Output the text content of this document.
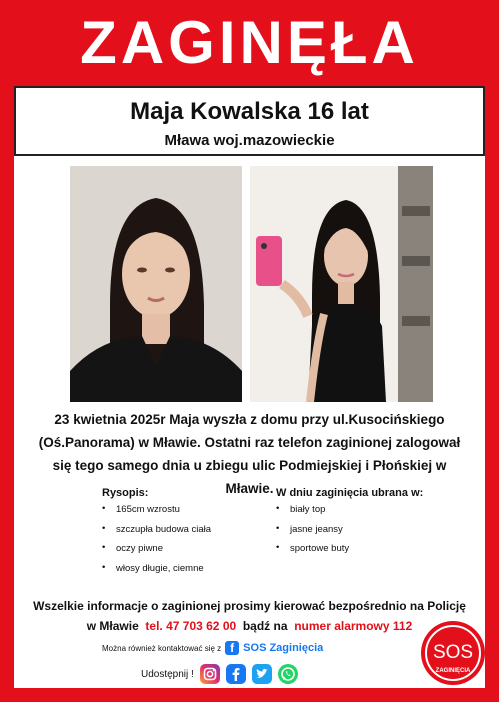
ZAGINĘŁA
Maja Kowalska 16 lat
Mława woj.mazowieckie
23 kwietnia 2025r Maja wyszła z domu przy ul.Kusocińskiego
(Oś.Panorama) w Mławie. Ostatni raz telefon zaginionej zalogował
się tego samego dnia u zbiegu ulic Podmiejskiej i Płońskiej w Mławie.
Rysopis:
• 165cm wzrostu
• szczupła budowa ciała
• oczy piwne
• włosy długie, ciemne
W dniu zaginięcia ubrana w:
• biały top
• jasne jeansy
• sportowe buty
Wszelkie informacje o zaginionej prosimy kierować bezpośrednio na Policję
w Mławie tel. 47 703 62 00 bądź na numer alarmowy 112
Można również kontaktować się z f SOS Zaginięcia
Udostępnij !
SOS
ZAGINIĘCIA
